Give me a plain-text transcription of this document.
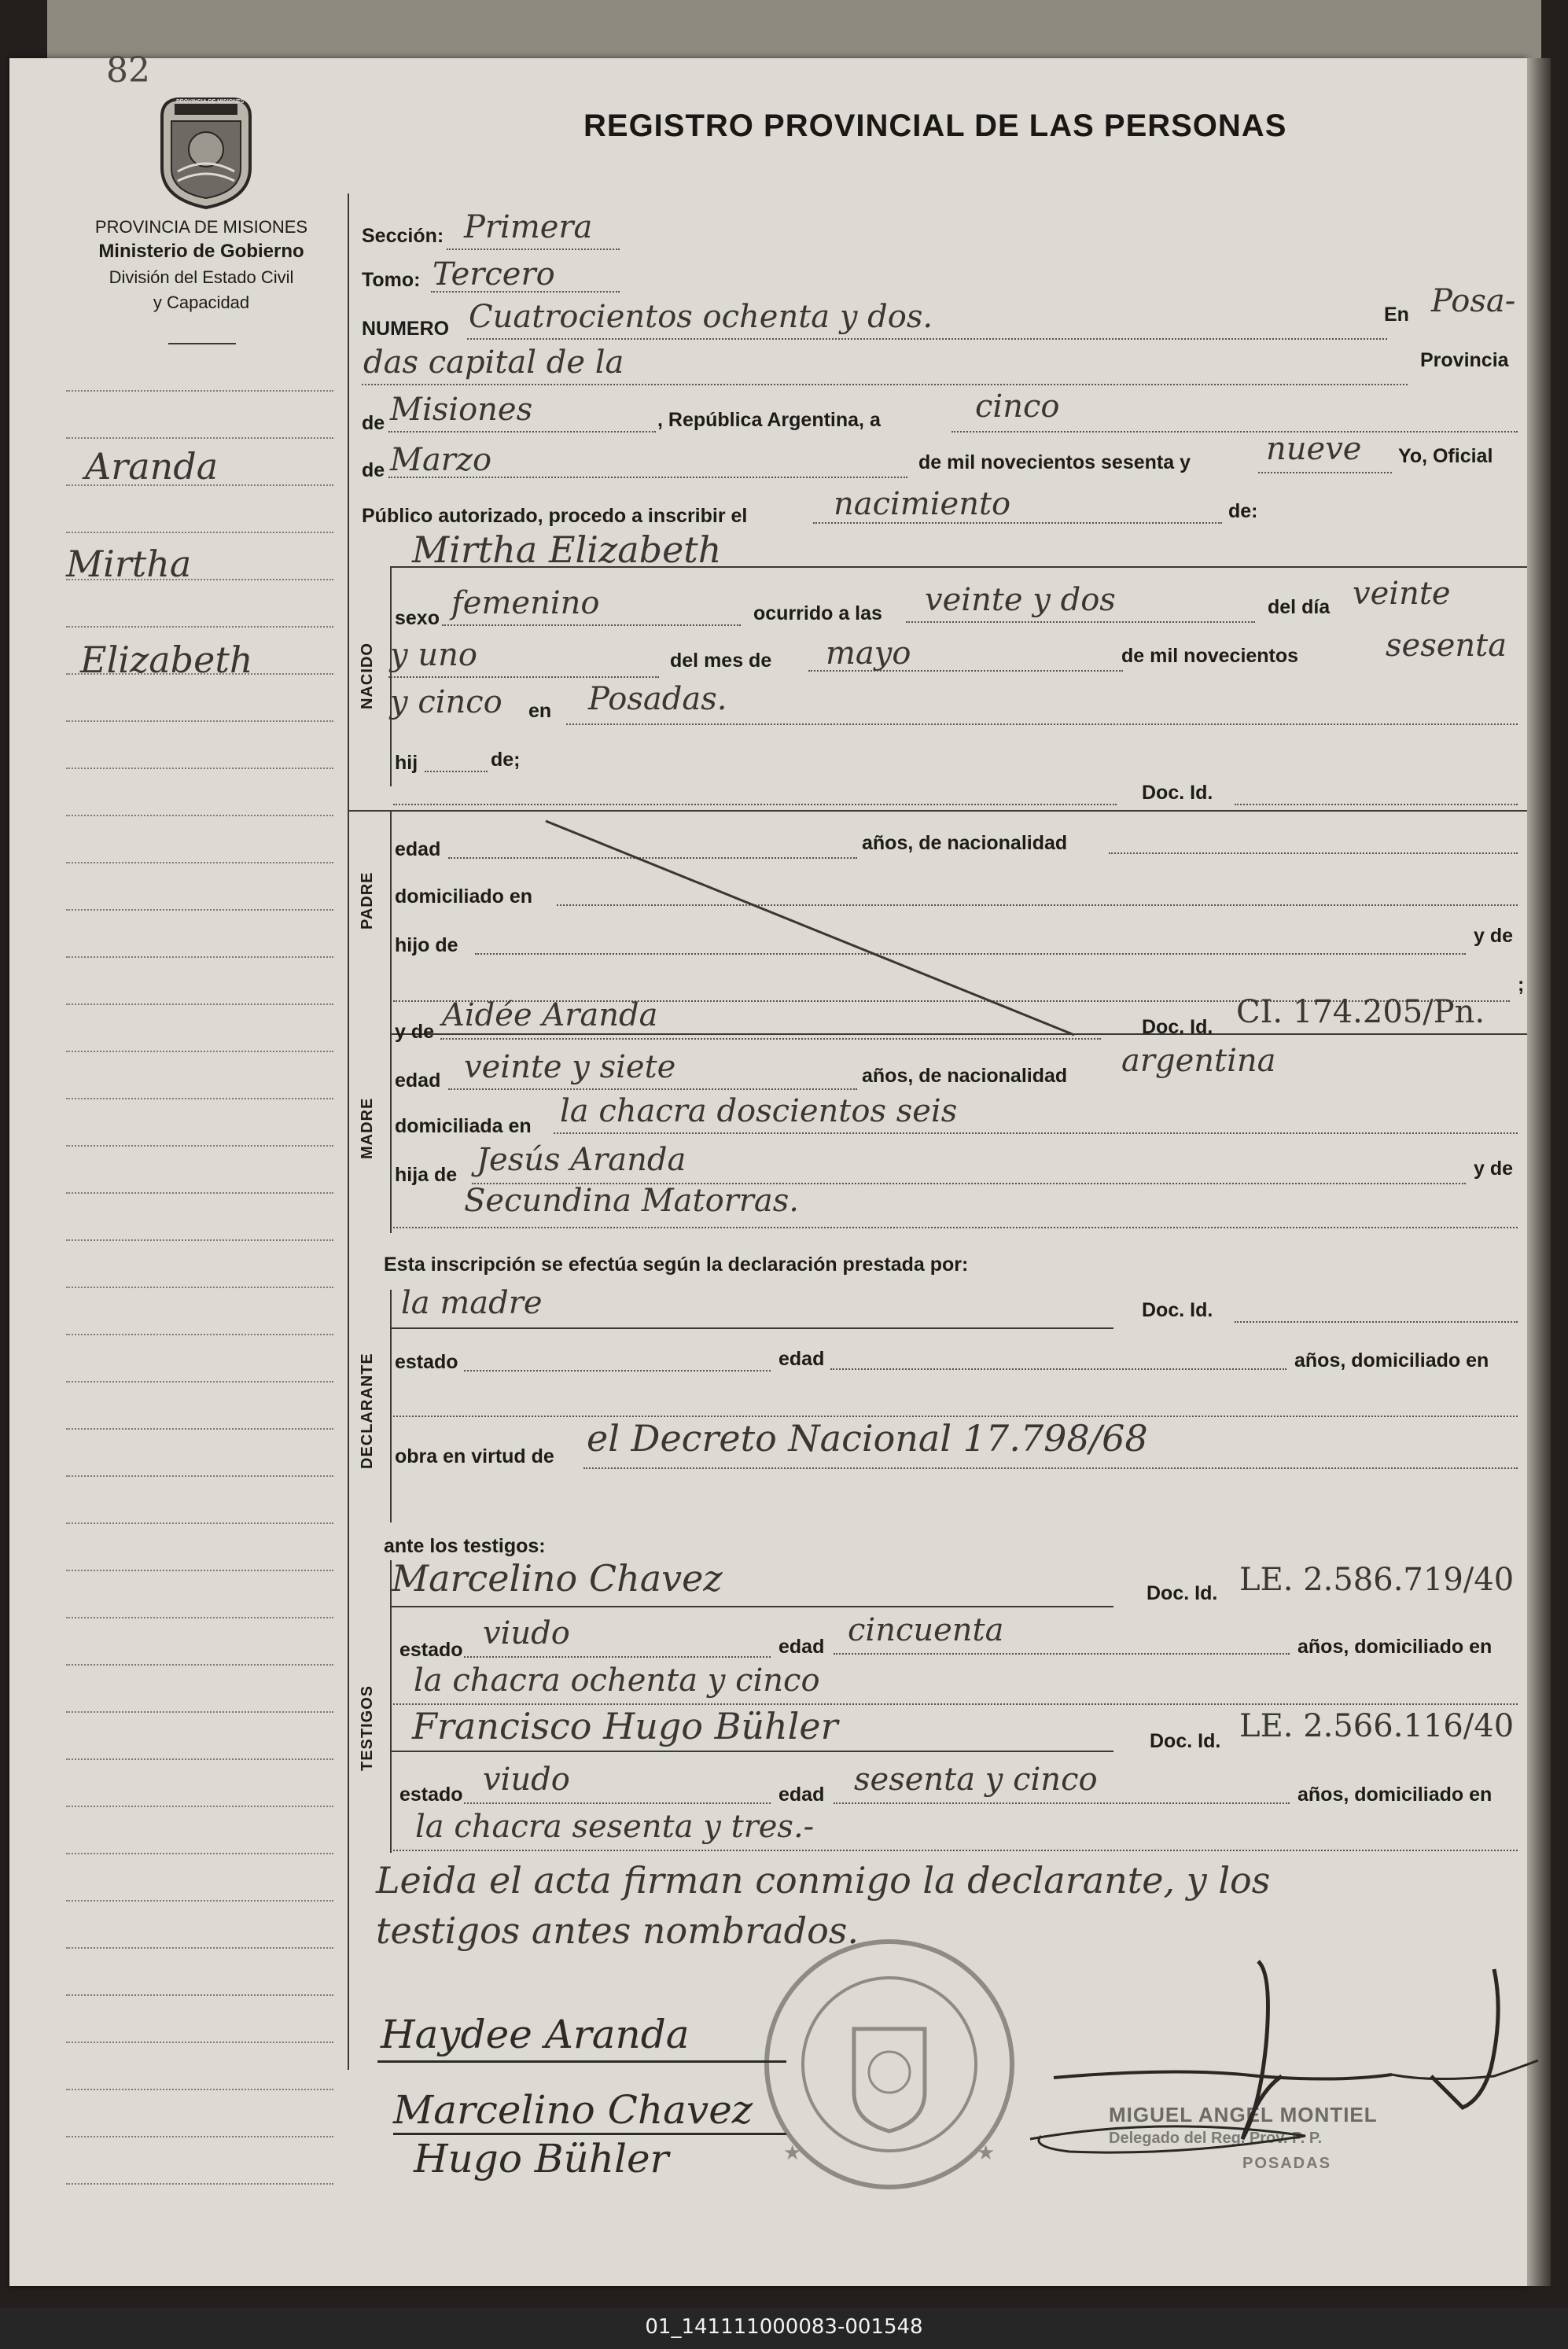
82
PROVINCIA DE MISIONES
PROVINCIA DE MISIONES
Ministerio de Gobierno
División del Estado Civil
y Capacidad
REGISTRO PROVINCIAL DE LAS PERSONAS
Aranda
Mirtha
Elizabeth
Sección: Primera
Tomo: Tercero
NUMERO Cuatrocientos ochenta y dos.	En Posa-
das capital de la	Provincia
de Misiones	, República Argentina, a	cinco
de Marzo	de mil novecientos sesenta y nueve Yo, Oficial
Público autorizado, procedo a inscribir el	nacimiento	de:
Mirtha Elizabeth
NACIDO
sexo femenino	ocurrido a las veinte y dos	del día veinte
y uno	del mes de mayo	de mil novecientos	sesenta
y cinco en Posadas.
hij	de;
Doc. Id.
PADRE
edad	años, de nacionalidad
domiciliado en
hijo de	y de
;
MADRE
y de Aidée Aranda	Doc. Id. CI. 174.205/Pn.
edad veinte y siete	años, de nacionalidad argentina
domiciliada en la chacra doscientos seis
hija de Jesús Aranda	y de
Secundina Matorras.
Esta inscripción se efectúa según la declaración prestada por:
DECLARANTE
la madre	Doc. Id.
estado	edad	años, domiciliado en
obra en virtud de el Decreto Nacional 17.798/68
ante los testigos:
TESTIGOS
Marcelino Chavez	Doc. Id. LE. 2.586.719/40
estado viudo	edad cincuenta	años, domiciliado en
la chacra ochenta y cinco
Francisco Hugo Bühler	Doc. Id. LE. 2.566.116/40
estado viudo	edad sesenta y cinco	años, domiciliado en
la chacra sesenta y tres.-
Leida el acta firman conmigo la declarante, y los
testigos antes nombrados.
★	★
MIGUEL ANGEL MONTIEL
Delegado del Reg. Prov. P. P.
POSADAS
Haydee Aranda
Marcelino Chavez
Hugo Bühler
01_141111000083-001548
